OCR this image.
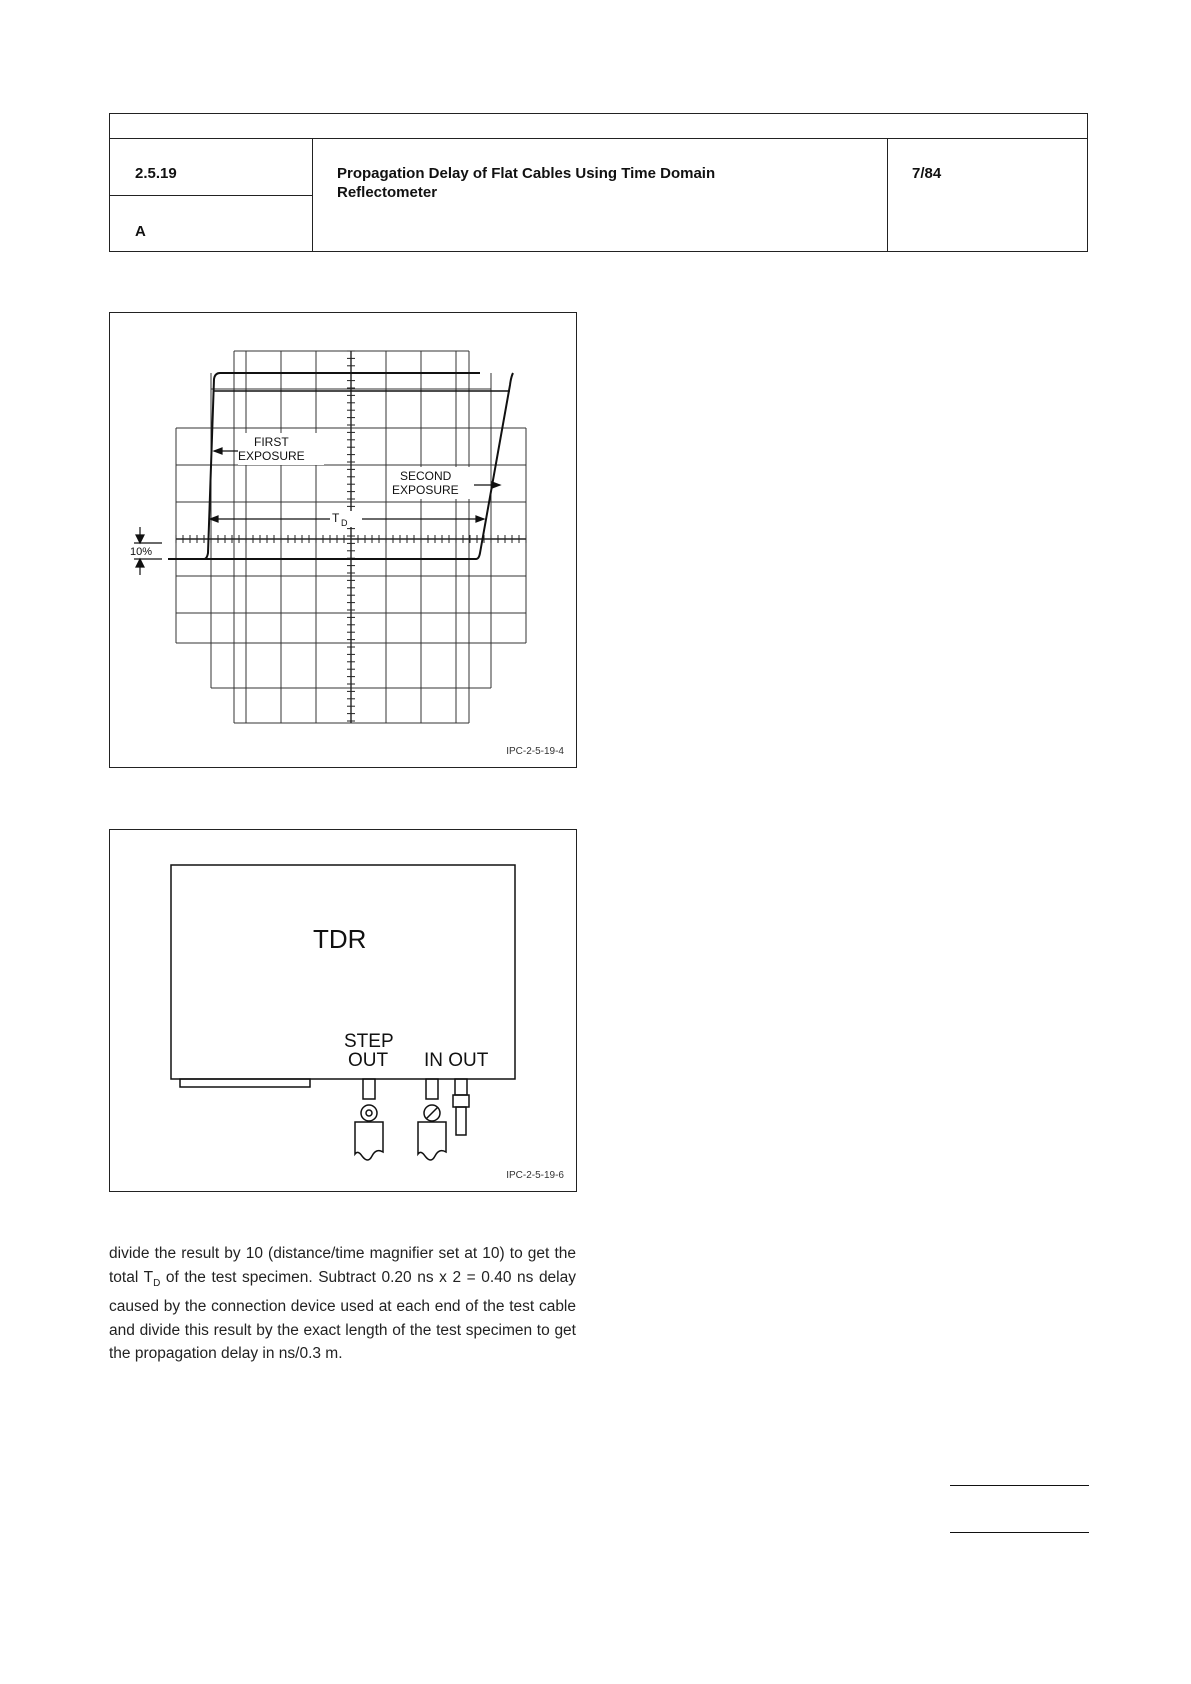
2.5.19
A
Propagation Delay of Flat Cables Using Time Domain Reflectometer
7/84
FIRST
EXPOSURE
SECOND
EXPOSURE
T D
10%
IPC-2-5-19-4
TDR
STEP
OUT IN OUT
IPC-2-5-19-6
divide the result by 10 (distance/time magnifier set at 10) to get the total $T_D$ of the test specimen. Subtract 0.20 ns x 2 = 0.40 ns delay caused by the connection device used at each end of the test cable and divide this result by the exact length of the test specimen to get the propagation delay in ns/0.3 m.
